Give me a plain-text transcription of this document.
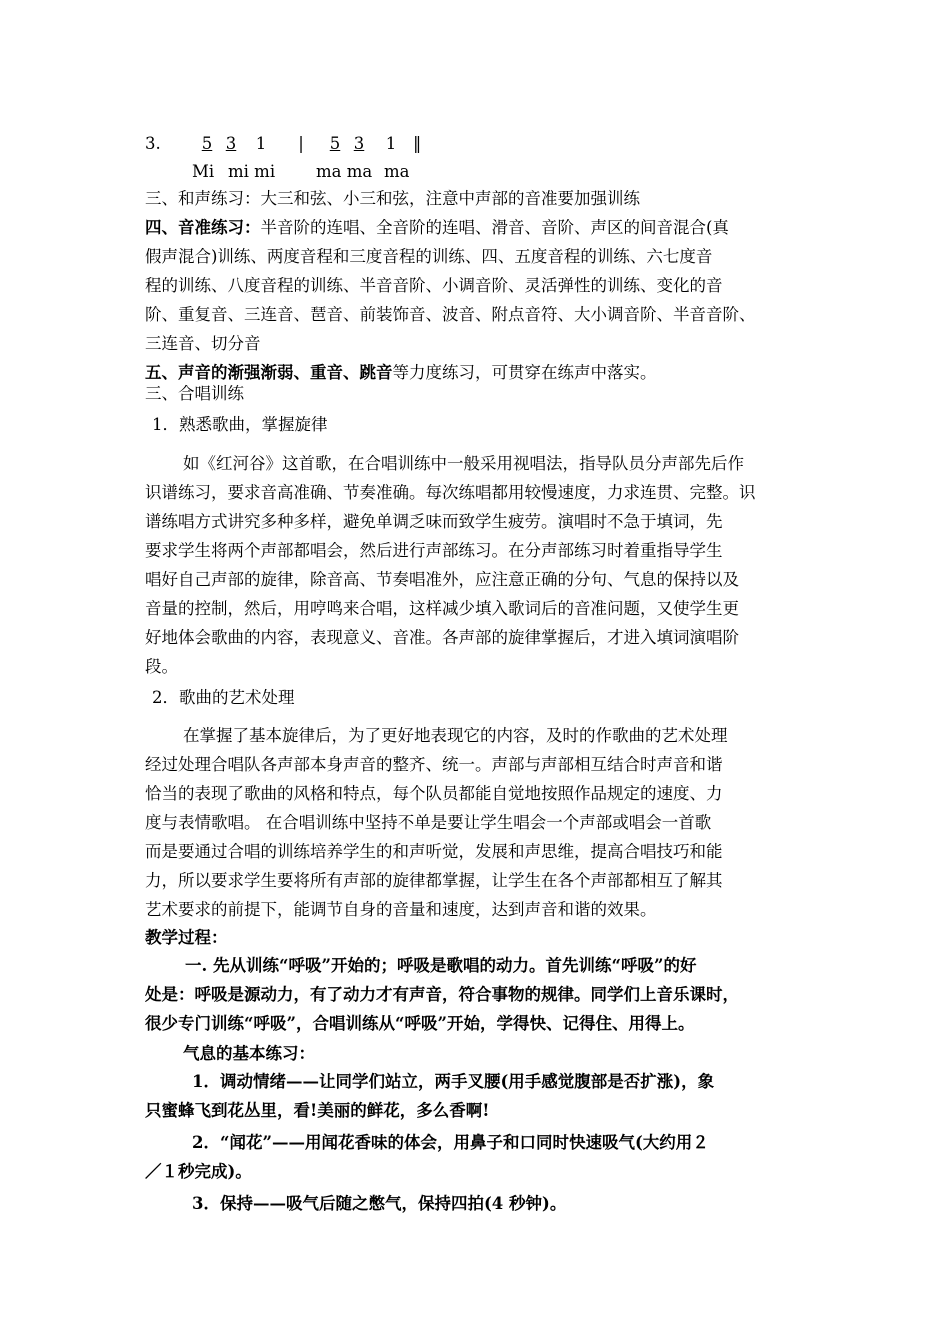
3. 5 3 1 | 5 3 1 ‖
Mi mi mi ma ma ma
三、和声练习：大三和弦、小三和弦，注意中声部的音准要加强训练
四、音准练习：半音阶的连唱、全音阶的连唱、滑音、音阶、声区的间音混合(真
假声混合)训练、两度音程和三度音程的训练、四、五度音程的训练、六七度音
程的训练、八度音程的训练、半音音阶、小调音阶、灵活弹性的训练、变化的音
阶、重复音、三连音、琶音、前装饰音、波音、附点音符、大小调音阶、半音音阶、
三连音、切分音
五、声音的渐强渐弱、重音、跳音等力度练习，可贯穿在练声中落实。
三、合唱训练
1．熟悉歌曲，掌握旋律
如《红河谷》这首歌，在合唱训练中一般采用视唱法，指导队员分声部先后作
识谱练习，要求音高准确、节奏准确。每次练唱都用较慢速度，力求连贯、完整。识
谱练唱方式讲究多种多样，避免单调乏味而致学生疲劳。演唱时不急于填词，先
要求学生将两个声部都唱会，然后进行声部练习。在分声部练习时着重指导学生
唱好自己声部的旋律，除音高、节奏唱准外，应注意正确的分句、气息的保持以及
音量的控制，然后，用哼鸣来合唱，这样减少填入歌词后的音准问题，又使学生更
好地体会歌曲的内容，表现意义、音准。各声部的旋律掌握后，才进入填词演唱阶
段。
2．歌曲的艺术处理
在掌握了基本旋律后，为了更好地表现它的内容，及时的作歌曲的艺术处理
经过处理合唱队各声部本身声音的整齐、统一。声部与声部相互结合时声音和谐
恰当的表现了歌曲的风格和特点，每个队员都能自觉地按照作品规定的速度、力
度与表情歌唱。 在合唱训练中坚持不单是要让学生唱会一个声部或唱会一首歌
而是要通过合唱的训练培养学生的和声听觉，发展和声思维，提高合唱技巧和能
力，所以要求学生要将所有声部的旋律都掌握，让学生在各个声部都相互了解其
艺术要求的前提下，能调节自身的音量和速度，达到声音和谐的效果。
教学过程：
一. 先从训练“呼吸”开始的；呼吸是歌唱的动力。首先训练“呼吸”的好
处是：呼吸是源动力，有了动力才有声音，符合事物的规律。同学们上音乐课时，
很少专门训练“呼吸”，合唱训练从“呼吸”开始，学得快、记得住、用得上。
气息的基本练习：
1．调动情绪——让同学们站立，两手叉腰(用手感觉腹部是否扩涨)，象
只蜜蜂飞到花丛里，看!美丽的鲜花，多么香啊!
2．“闻花”——用闻花香味的体会，用鼻子和口同时快速吸气(大约用２
／１秒完成)。
3．保持——吸气后随之憋气，保持四拍(4 秒钟)。
